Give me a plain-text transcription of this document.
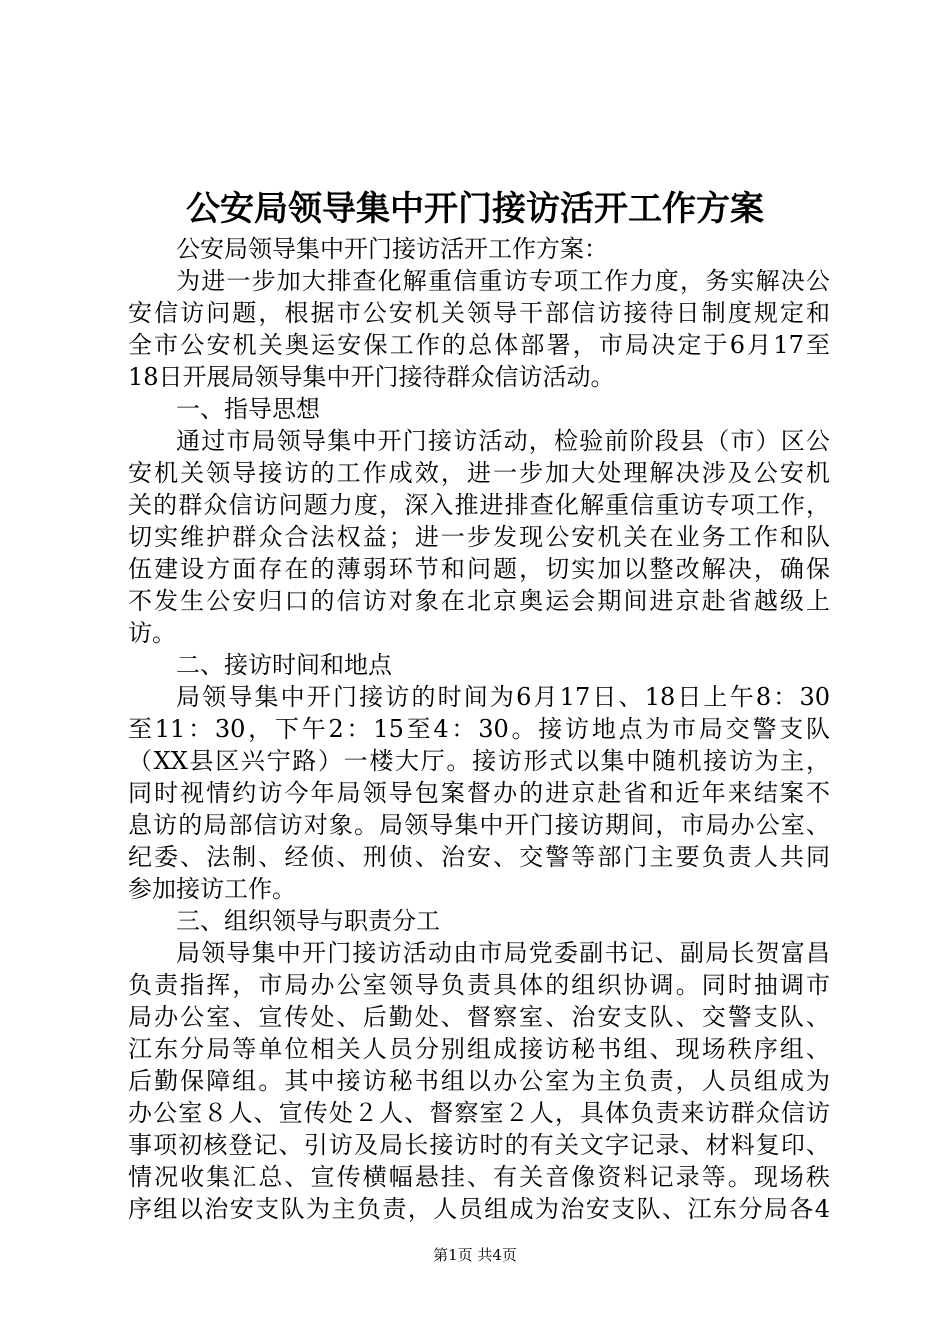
公安局领导集中开门接访活开工作方案
公安局领导集中开门接访活开工作方案：
为进一步加大排查化解重信重访专项工作力度，务实解决公
安信访问题，根据市公安机关领导干部信访接待日制度规定和
全市公安机关奥运安保工作的总体部署，市局决定于6月17至
18日开展局领导集中开门接待群众信访活动。
一、指导思想
通过市局领导集中开门接访活动，检验前阶段县（市）区公
安机关领导接访的工作成效，进一步加大处理解决涉及公安机
关的群众信访问题力度，深入推进排查化解重信重访专项工作，
切实维护群众合法权益；进一步发现公安机关在业务工作和队
伍建设方面存在的薄弱环节和问题，切实加以整改解决，确保
不发生公安归口的信访对象在北京奥运会期间进京赴省越级上
访。
二、接访时间和地点
局领导集中开门接访的时间为6月17日、18日上午8：30
至11：30，下午2：15至4：30。接访地点为市局交警支队
（XX县区兴宁路）一楼大厅。接访形式以集中随机接访为主，
同时视情约访今年局领导包案督办的进京赴省和近年来结案不
息访的局部信访对象。局领导集中开门接访期间，市局办公室、
纪委、法制、经侦、刑侦、治安、交警等部门主要负责人共同
参加接访工作。
三、组织领导与职责分工
局领导集中开门接访活动由市局党委副书记、副局长贺富昌
负责指挥，市局办公室领导负责具体的组织协调。同时抽调市
局办公室、宣传处、后勤处、督察室、治安支队、交警支队、
江东分局等单位相关人员分别组成接访秘书组、现场秩序组、
后勤保障组。其中接访秘书组以办公室为主负责，人员组成为
办公室８人、宣传处２人、督察室２人，具体负责来访群众信访
事项初核登记、引访及局长接访时的有关文字记录、材料复印、
情况收集汇总、宣传横幅悬挂、有关音像资料记录等。现场秩
序组以治安支队为主负责，人员组成为治安支队、江东分局各4
第1页 共4页
